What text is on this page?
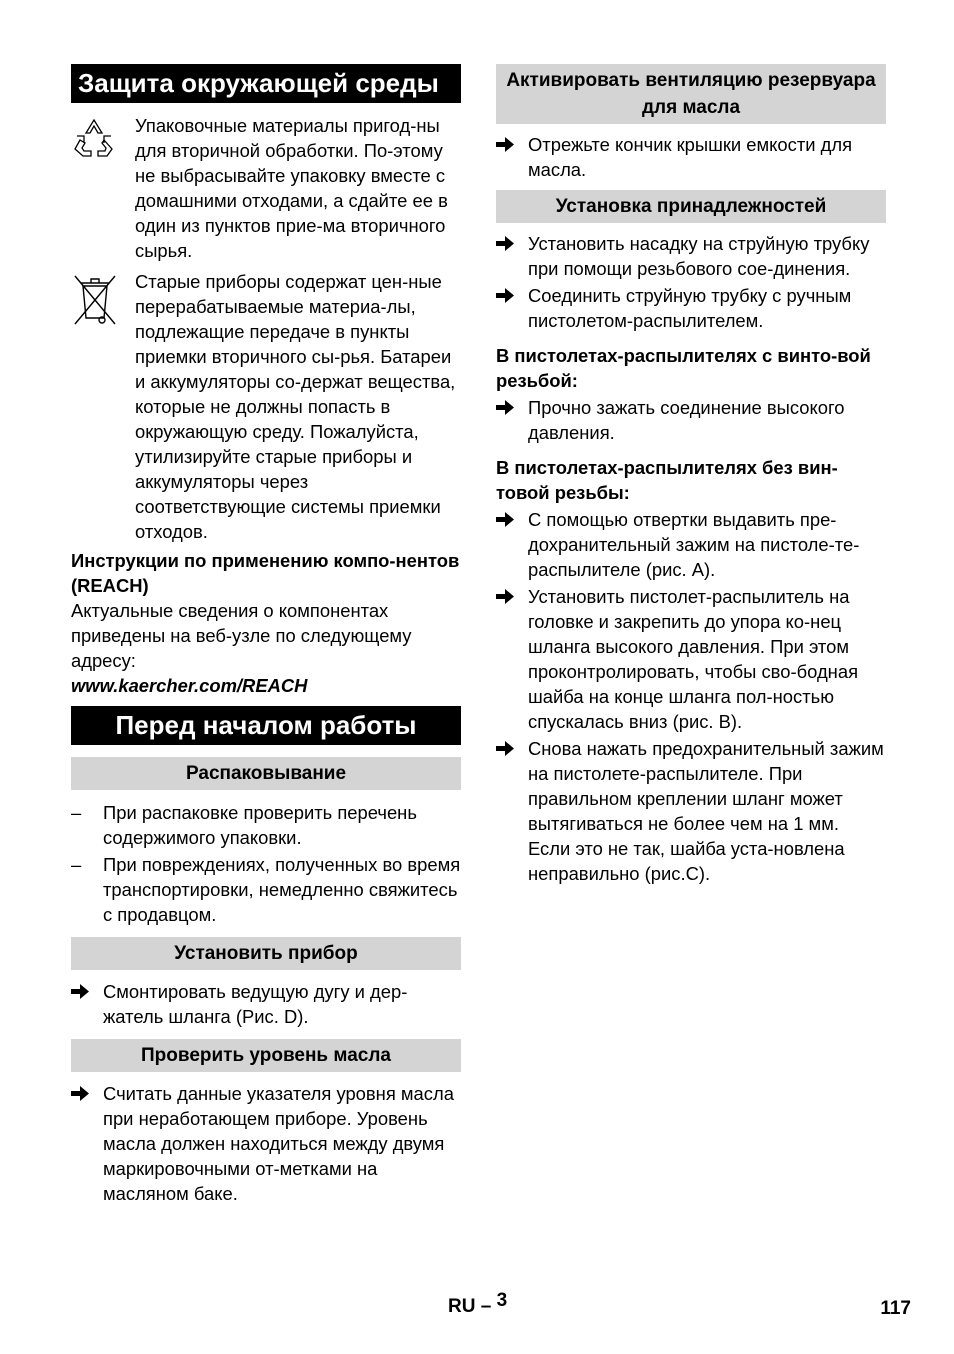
Защита окружающей среды
Упаковочные материалы пригод-ны для вторичной обработки. По-этому не выбрасывайте упаковку вместе с домашними отходами, а сдайте ее в один из пунктов прие-ма вторичного сырья.
Старые приборы содержат цен-ные перерабатываемые материа-лы, подлежащие передаче в пункты приемки вторичного сы-рья. Батареи и аккумуляторы со-держат вещества, которые не должны попасть в окружающую среду. Пожалуйста, утилизируйте старые приборы и аккумуляторы через соответствующие системы приемки отходов.
Инструкции по применению компо-нентов (REACH)
Актуальные сведения о компонентах приведены на веб-узле по следующему адресу:
www.kaercher.com/REACH
Перед началом работы
Распаковывание
– При распаковке проверить перечень содержимого упаковки.
– При повреждениях, полученных во время транспортировки, немедленно свяжитесь с продавцом.
Установить прибор
Смонтировать ведущую дугу и дер-жатель шланга (Рис. D).
Проверить уровень масла
Считать данные указателя уровня масла при неработающем приборе. Уровень масла должен находиться между двумя маркировочными от-метками на масляном баке.
Активировать вентиляцию резервуара для масла
Отрежьте кончик крышки емкости для масла.
Установка принадлежностей
Установить насадку на струйную трубку при помощи резьбового сое-динения.
Соединить струйную трубку с ручным пистолетом-распылителем.
В пистолетах-распылителях с винто-вой резьбой:
Прочно зажать соединение высокого давления.
В пистолетах-распылителях без вин-товой резьбы:
С помощью отвертки выдавить пре-дохранительный зажим на пистоле-те-распылителе (рис. A).
Установить пистолет-распылитель на головке и закрепить до упора ко-нец шланга высокого давления. При этом проконтролировать, чтобы сво-бодная шайба на конце шланга пол-ностью спускалась вниз (рис. B).
Снова нажать предохранительный зажим на пистолете-распылителе. При правильном креплении шланг может вытягиваться не более чем на 1 мм. Если это не так, шайба уста-новлена неправильно (рис.C).
RU – 3	117
